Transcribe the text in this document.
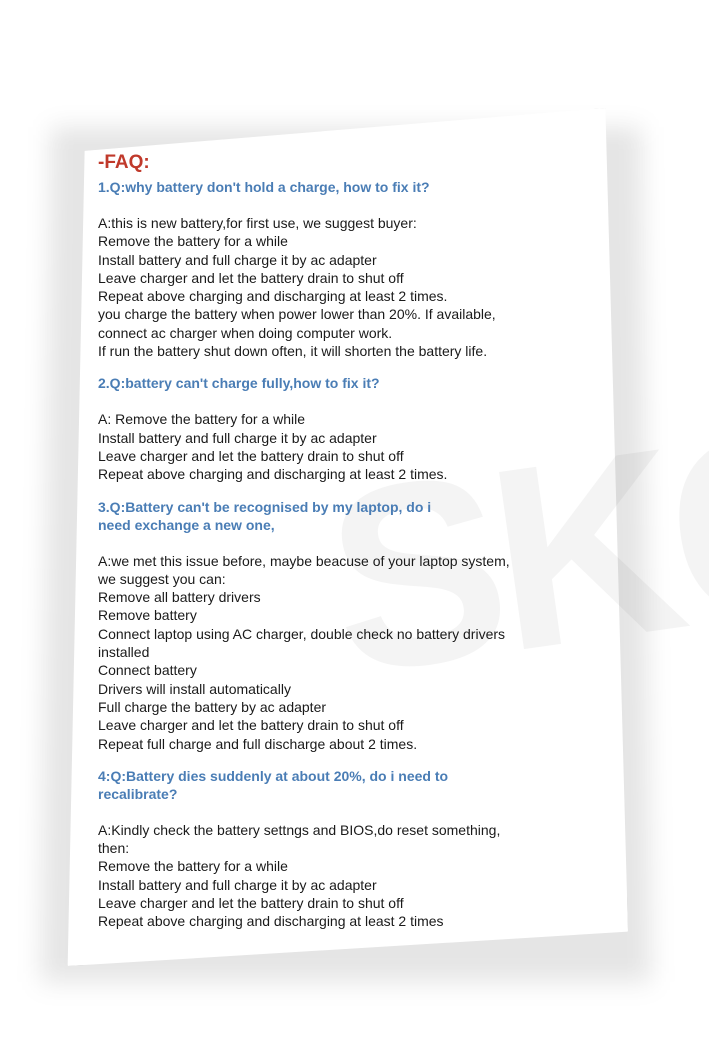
-FAQ:

1.Q:why battery don't hold a charge, how to fix it?

A:this is new battery,for first use, we suggest buyer:

Remove the battery for a while

Install battery and full charge it by ac adapter

Leave charger and let the battery drain to shut off

Repeat above charging and discharging at least 2 times.

you charge the battery when power lower than 20%. If available,

connect ac charger when doing computer work.

If run the battery shut down often, it will shorten the battery life.

2.Q:battery can't charge fully,how to fix it?

A: Remove the battery for a while

Install battery and full charge it by ac adapter

Leave charger and let the battery drain to shut off

Repeat above charging and discharging at least 2 times.

3.Q:Battery can't be recognised by my laptop, do i

need exchange a new one,

A:we met this issue before, maybe beacuse of your laptop system,

we suggest you can:

Remove all battery drivers

Remove battery

Connect laptop using AC charger, double check no battery drivers

installed

Connect battery

Drivers will install automatically

Full charge the battery by ac adapter

Leave charger and let the battery drain to shut off

Repeat full charge and full discharge about 2 times.

4:Q:Battery dies suddenly at about 20%, do i need to

recalibrate?

A:Kindly check the battery settngs and BIOS,do reset something,

then:

Remove the battery for a while

Install battery and full charge it by ac adapter

Leave charger and let the battery drain to shut off

Repeat above charging and discharging at least 2 times
